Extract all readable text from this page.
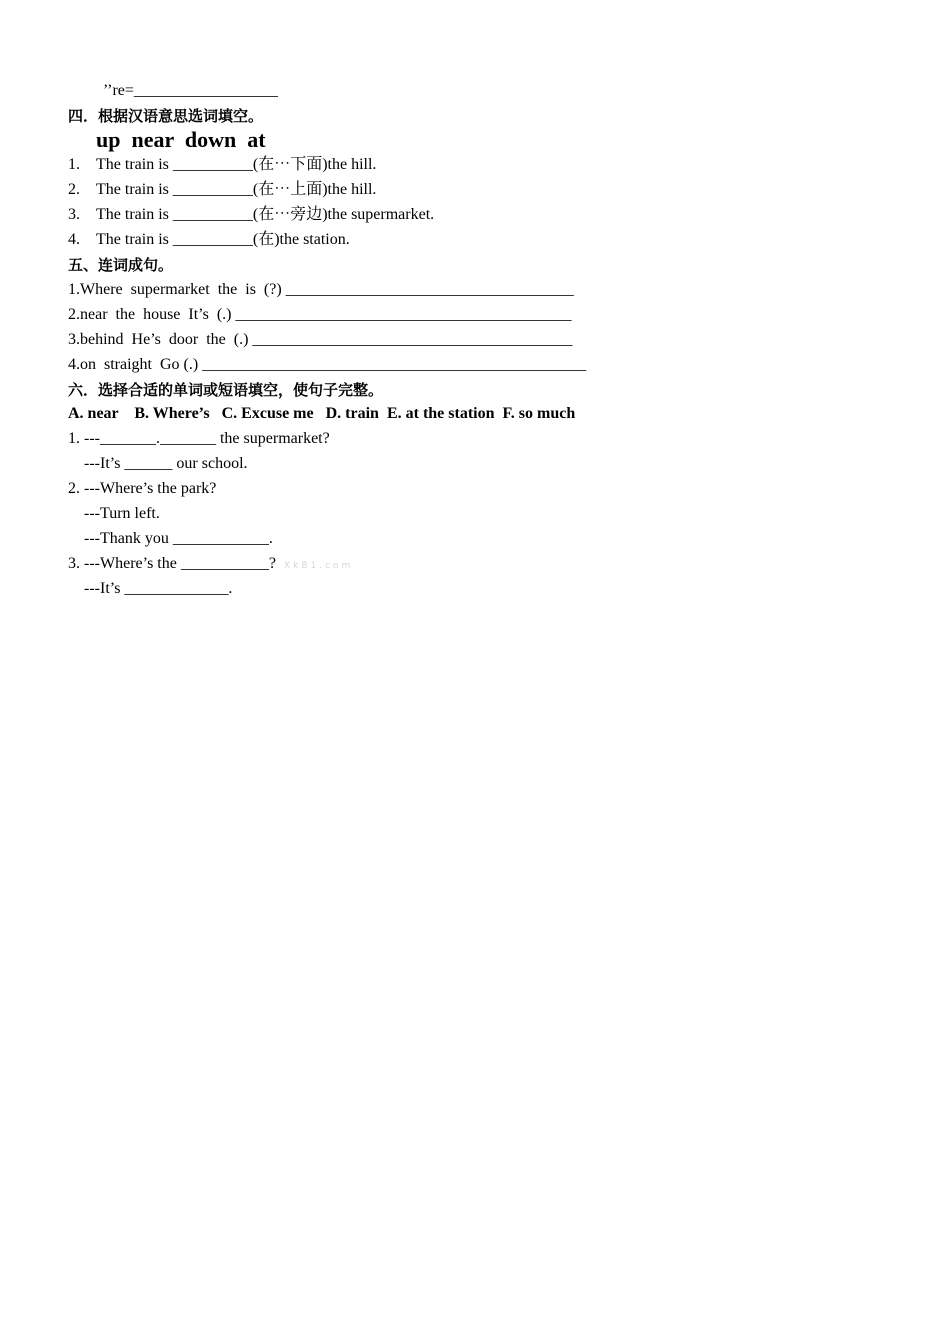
’’re=__________________
四．根据汉语意思选词填空。
up  near  down  at
1. The train is __________(在⋯下面)the hill.
2. The train is __________(在⋯上面)the hill.
3. The train is __________(在⋯旁边)the supermarket.
4. The train is __________(在)the station.
五、连词成句。
1.Where  supermarket  the  is  (?) ____________________________________
2.near  the  house  It’s  (.) __________________________________________
3.behind  He’s  door  the  (.) ________________________________________
4.on  straight  Go (.) ________________________________________________
六．选择合适的单词或短语填空，使句子完整。
A. near    B. Where’s   C. Excuse me   D. train  E. at the station  F. so much
1. ---_______._______ the supermarket?
---It’s ______ our school.
2. ---Where’s the park?
---Turn left.
---Thank you ____________.
3. ---Where’s the ___________? XkB1.com
---It’s _____________.
